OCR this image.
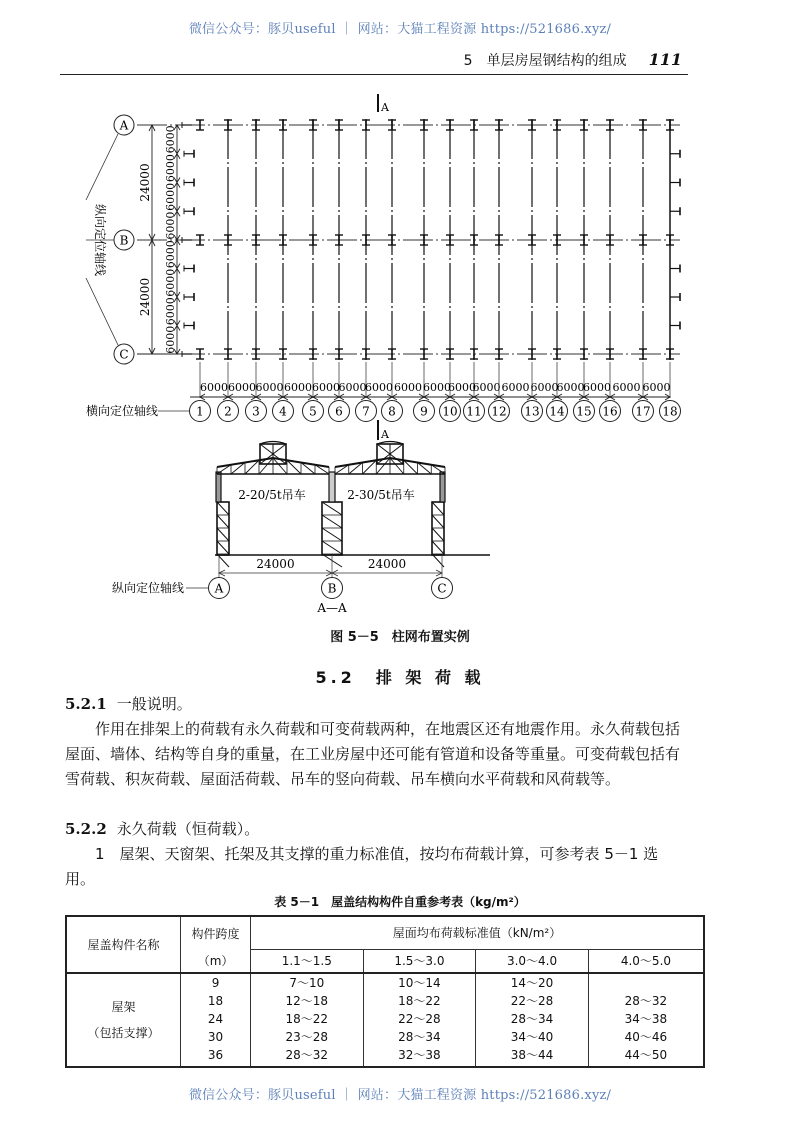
微信公众号：豚贝useful ｜ 网站：大猫工程资源 https://521686.xyz/
5　单层房屋钢结构的组成 111
A
B
C
纵向定位轴线
24000
24000
6000
6000
6000
6000
6000
6000
6000
6000
A
A
6000 6000 6000 6000 6000
6000
6000 6000 6000
6000
6000 6000 6000
6000
6000 6000 6000
1 2 3 4 5 6 7 8 9 10 11 12 13 14 15 16 17 18
横向定位轴线
2-20/5t吊车	2-30/5t吊车
24000	24000
A	B	C
纵向定位轴线
A—A
图 5－5　柱网布置实例
5.2　排 架 荷 载
5.2.1 一般说明。
作用在排架上的荷载有永久荷载和可变荷载两种，在地震区还有地震作用。永久荷载包括屋面、墙体、结构等自身的重量，在工业房屋中还可能有管道和设备等重量。可变荷载包括有雪荷载、积灰荷载、屋面活荷载、吊车的竖向荷载、吊车横向水平荷载和风荷载等。
5.2.2 永久荷载（恒荷载）。
1　屋架、天窗架、托架及其支撑的重力标准值，按均布荷载计算，可参考表 5－1 选用。
表 5－1　屋盖结构构件自重参考表（kg/m²）
屋盖构件名称	构件跨度	屋面均布荷载标准值（kN/m²）			
	（m）	1.1～1.5	1.5～3.0	3.0～4.0	4.0～5.0

屋架
（包括支撑）	9	7～10	10～14	14～20	
	18	12～18	18～22	22～28	28～32
	24	18～22	22～28	28～34	34～38
	30	23～28	28～34	34～40	40～46
	36	28～32	32～38	38～44	44～50
微信公众号：豚贝useful ｜ 网站：大猫工程资源 https://521686.xyz/
